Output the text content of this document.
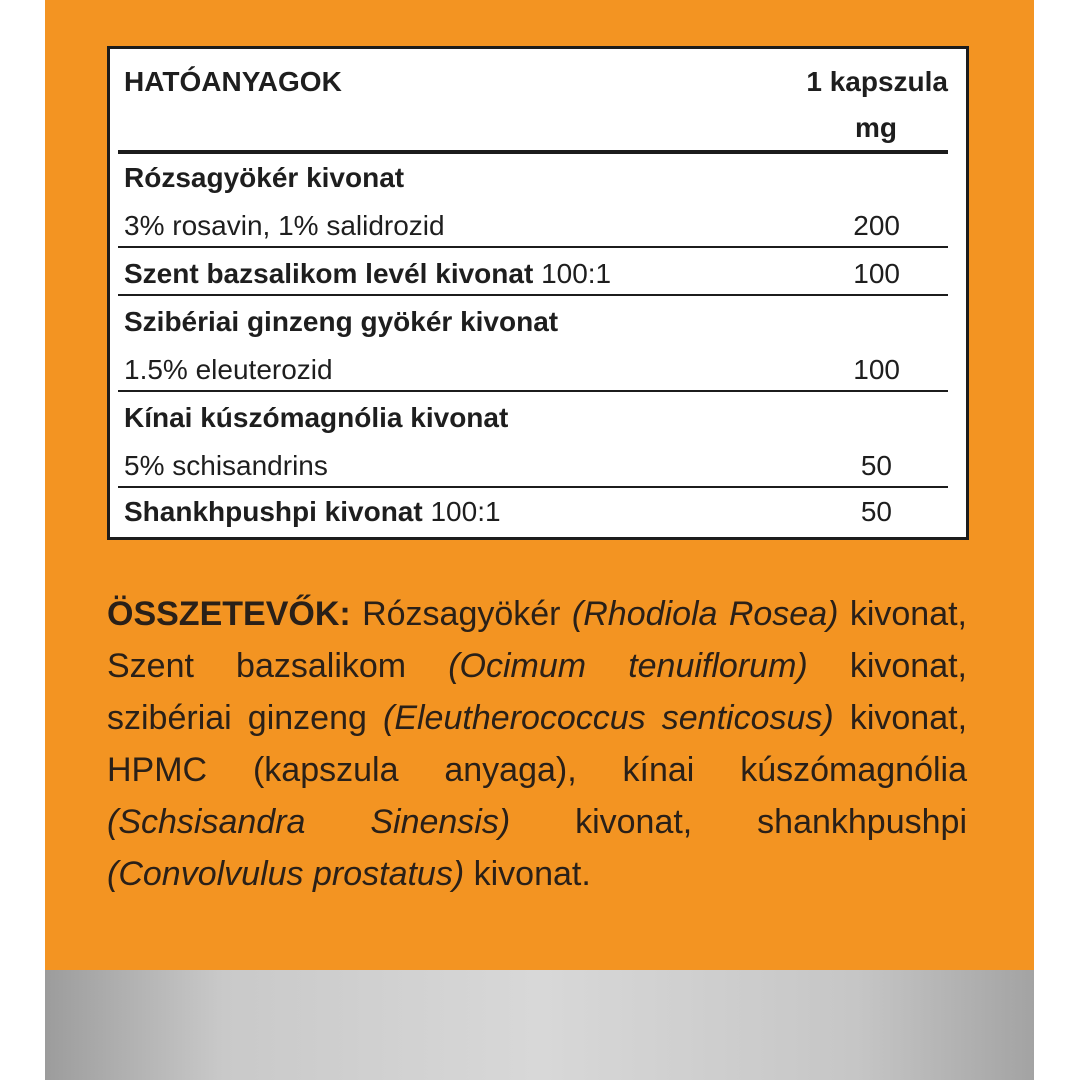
HATÓANYAGOK	1 kapszula
mg
Rózsagyökér kivonat
3% rosavin, 1% salidrozid	200
Szent bazsalikom levél kivonat 100:1	100
Szibériai ginzeng gyökér kivonat
1.5% eleuterozid	100
Kínai kúszómagnólia kivonat
5% schisandrins	50
Shankhpushpi kivonat 100:1	50
ÖSSZETEVŐK: Rózsagyökér (Rhodiola Rosea) kivonat, Szent bazsalikom (Ocimum tenuiflorum) kivonat, szibériai ginzeng (Eleutherococcus senticosus) kivonat, HPMC (kapszula anyaga), kínai kúszómagnólia (Schsisandra Sinensis) kivonat, shankhpushpi (Convolvulus prostatus) kivonat.
